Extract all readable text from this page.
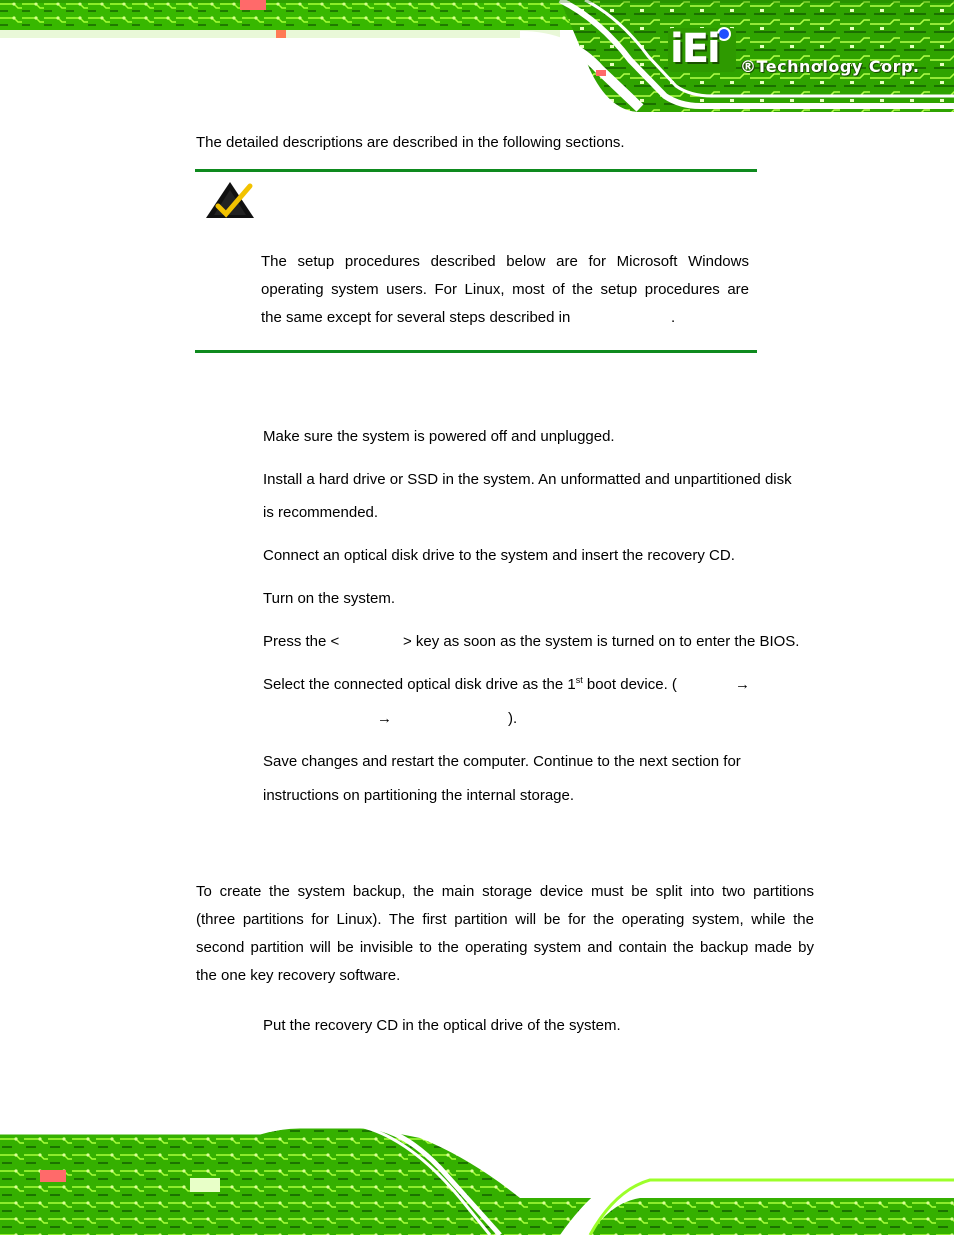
iEi ®Technology Corp.
The detailed descriptions are described in the following sections.
The setup procedures described below are for Microsoft Windows
operating system users. For Linux, most of the setup procedures are
the same except for several steps described in	.
Make sure the system is powered off and unplugged.
Install a hard drive or SSD in the system. An unformatted and unpartitioned disk
is recommended.
Connect an optical disk drive to the system and insert the recovery CD.
Turn on the system.
Press the <	> key as soon as the system is turned on to enter the BIOS.
Select the connected optical disk drive as the 1st boot device. (	→
→	).
Save changes and restart the computer. Continue to the next section for
instructions on partitioning the internal storage.
To create the system backup, the main storage device must be split into two partitions
(three partitions for Linux). The first partition will be for the operating system, while the
second partition will be invisible to the operating system and contain the backup made by
the one key recovery software.
Put the recovery CD in the optical drive of the system.
